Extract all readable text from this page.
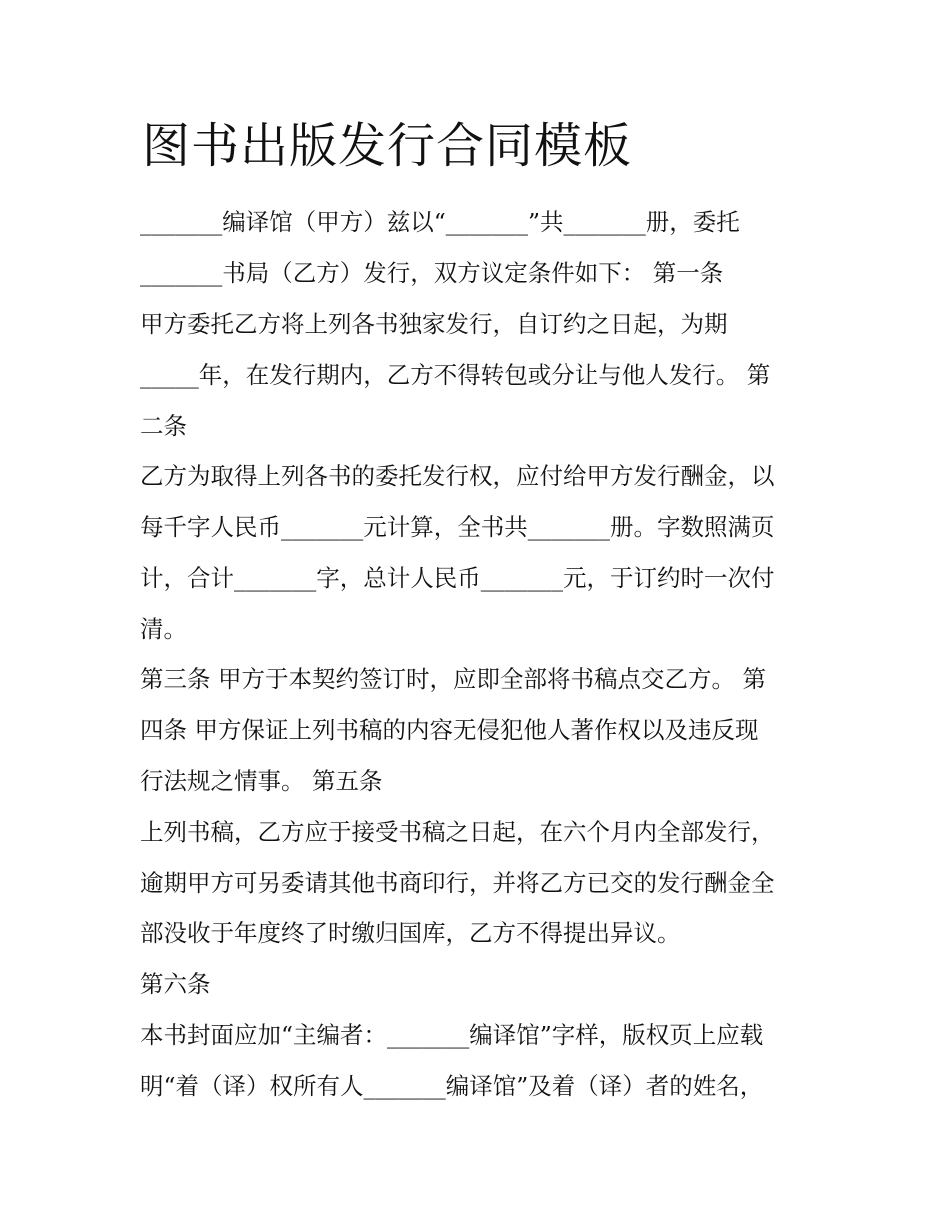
图书出版发行合同模板
_______编译馆（甲方）兹以“_______”共_______册，委托
_______书局（乙方）发行，双方议定条件如下： 第一条
甲方委托乙方将上列各书独家发行，自订约之日起，为期
_____年，在发行期内，乙方不得转包或分让与他人发行。 第
二条
乙方为取得上列各书的委托发行权，应付给甲方发行酬金，以
每千字人民币_______元计算，全书共_______册。字数照满页
计，合计_______字，总计人民币_______元，于订约时一次付
清。
第三条 甲方于本契约签订时，应即全部将书稿点交乙方。 第
四条 甲方保证上列书稿的内容无侵犯他人著作权以及违反现
行法规之情事。 第五条
上列书稿，乙方应于接受书稿之日起，在六个月内全部发行，
逾期甲方可另委请其他书商印行，并将乙方已交的发行酬金全
部没收于年度终了时缴归国库，乙方不得提出异议。
第六条
本书封面应加“主编者：_______编译馆”字样，版权页上应载
明“着（译）权所有人_______编译馆”及着（译）者的姓名，
